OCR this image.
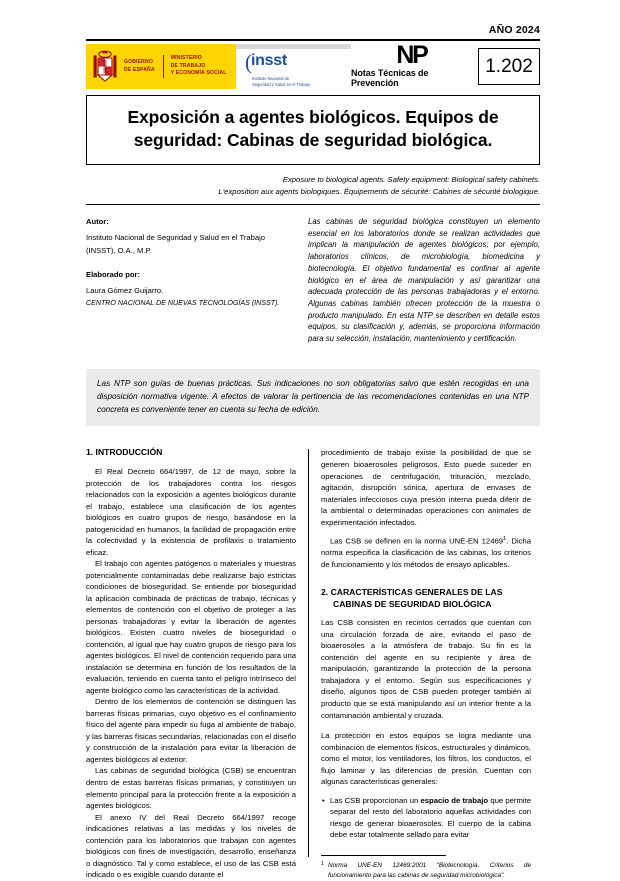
AÑO 2024
GOBIERNO
DE ESPAÑA
MINISTERIO
DE TRABAJO
Y ECONOMÍA SOCIAL ( insst
Instituto Nacional de
Seguridad y Salud en el Trabajo
NP
Notas Técnicas de Prevención
1.202
Exposición a agentes biológicos. Equipos de seguridad: Cabinas de seguridad biológica.
Exposure to biological agents. Safety equipment: Biological safety cabinets.
L'exposition aux agents biologiques. Équipements de sécurité: Cabines de sécurité biologique.
Autor:
Instituto Nacional de Seguridad y Salud en el Trabajo (INSST), O.A., M.P.
Elaborado por:
Laura Gómez Guijarro.
CENTRO NACIONAL DE NUEVAS TECNOLOGÍAS (INSST).
Las cabinas de seguridad biológica constituyen un elemento esencial en los laboratorios donde se realizan actividades que implican la manipulación de agentes biológicos; por ejemplo, laboratorios clínicos, de microbiología, biomedicina y biotecnología. El objetivo fundamental es confinar al agente biológico en el área de manipulación y así garantizar una adecuada protección de las personas trabajadoras y el entorno. Algunas cabinas también ofrecen protección de la muestra o producto manipulado. En esta NTP se describen en detalle estos equipos, su clasificación y, además, se proporciona información para su selección, instalación, mantenimiento y certificación.
Las NTP son guías de buenas prácticas. Sus indicaciones no son obligatorias salvo que estén recogidas en una disposición normativa vigente. A efectos de valorar la pertinencia de las recomendaciones contenidas en una NTP concreta es conveniente tener en cuenta su fecha de edición.
1. INTRODUCCIÓN

El Real Decreto 664/1997, de 12 de mayo, sobre la protección de los trabajadores contra los riesgos relacionados con la exposición a agentes biológicos durante el trabajo, establece una clasificación de los agentes biológicos en cuatro grupos de riesgo, basándose en la patogenicidad en humanos, la facilidad de propagación entre la colectividad y la existencia de profilaxis o tratamiento eficaz.

El trabajo con agentes patógenos o materiales y muestras potencialmente contaminadas debe realizarse bajo estrictas condiciones de bioseguridad. Se entiende por bioseguridad la aplicación combinada de prácticas de trabajo, técnicas y elementos de contención con el objetivo de proteger a las personas trabajadoras y evitar la liberación de agentes biológicos. Existen cuatro niveles de bioseguridad o contención, al igual que hay cuatro grupos de riesgo para los agentes biológicos. El nivel de contención requerido para una instalación se determina en función de los resultados de la evaluación, teniendo en cuenta tanto el peligro intrínseco del agente biológico como las características de la actividad.

Dentro de los elementos de contención se distinguen las barreras físicas primarias, cuyo objetivo es el confinamiento físico del agente para impedir su fuga al ambiente de trabajo, y las barreras físicas secundarias, relacionadas con el diseño y construcción de la instalación para evitar la liberación de agentes biológicos al exterior.

Las cabinas de seguridad biológica (CSB) se encuentran dentro de estas barreras físicas primarias, y constituyen un elemento principal para la protección frente a la exposición a agentes biológicos.

El anexo IV del Real Decreto 664/1997 recoge indicaciones relativas a las medidas y los niveles de contención para los laboratorios que trabajan con agentes biológicos con fines de investigación, desarrollo, enseñanza o diagnóstico. Tal y como establece, el uso de las CSB está indicado o es exigible cuando durante el

procedimiento de trabajo existe la posibilidad de que se generen bioaerosoles peligrosos. Esto puede suceder en operaciones de centrifugación, trituración, mezclado, agitación, disrupción sónica, apertura de envases de materiales infecciosos cuya presión interna pueda diferir de la ambiental o determinadas operaciones con animales de experimentación infectados.

Las CSB se definen en la norma UNE-EN 12469$^1$. Dicha norma especifica la clasificación de las cabinas, los criterios de funcionamiento y los métodos de ensayo aplicables.

2. CARACTERÍSTICAS GENERALES DE LAS CABINAS DE SEGURIDAD BIOLÓGICA

Las CSB consisten en recintos cerrados que cuentan con una circulación forzada de aire, evitando el paso de bioaerosoles a la atmósfera de trabajo. Su fin es la contención del agente en su recipiente y área de manipulación, garantizando la protección de la persona trabajadora y el entorno. Según sus especificaciones y diseño, algunos tipos de CSB pueden proteger también al producto que se está manipulando así un interior frente a la contaminación ambiental y cruzada.

La protección en estos equipos se logra mediante una combinación de elementos físicos, estructurales y dinámicos, como el motor, los ventiladores, los filtros, los conductos, el flujo laminar y las diferencias de presión. Cuentan con algunas características generales:

• Las CSB proporcionan un espacio de trabajo que permite separar del resto del laboratorio aquellas actividades con riesgo de generar bioaerosoles. El cuerpo de la cabina debe estar totalmente sellado para evitar

1 Norma UNE-EN 12469:2001 "Biotecnología. Criterios de funcionamiento para las cabinas de seguridad microbiológica".
